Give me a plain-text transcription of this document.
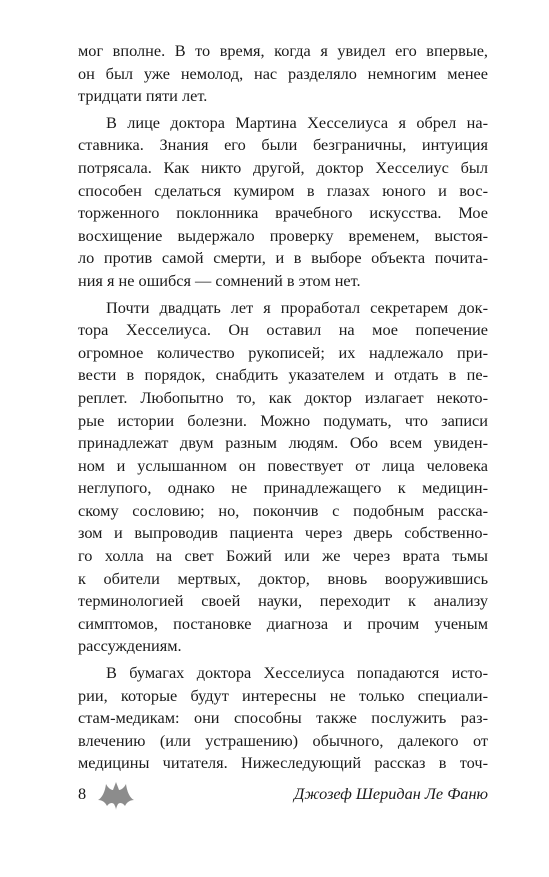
мог вполне. В то время, когда я увидел его впервые,
он был уже немолод, нас разделяло немногим менее
тридцати пяти лет.
В лице доктора Мартина Хесселиуса я обрел на-
ставника. Знания его были безграничны, интуиция
потрясала. Как никто другой, доктор Хесселиус был
способен сделаться кумиром в глазах юного и вос-
торженного поклонника врачебного искусства. Мое
восхищение выдержало проверку временем, выстоя-
ло против самой смерти, и в выборе объекта почита-
ния я не ошибся — сомнений в этом нет.
Почти двадцать лет я проработал секретарем док-
тора Хесселиуса. Он оставил на мое попечение
огромное количество рукописей; их надлежало при-
вести в порядок, снабдить указателем и отдать в пе-
реплет. Любопытно то, как доктор излагает некото-
рые истории болезни. Можно подумать, что записи
принадлежат двум разным людям. Обо всем увиден-
ном и услышанном он повествует от лица человека
неглупого, однако не принадлежащего к медицин-
скому сословию; но, покончив с подобным расска-
зом и выпроводив пациента через дверь собственно-
го холла на свет Божий или же через врата тьмы
к обители мертвых, доктор, вновь вооружившись
терминологией своей науки, переходит к анализу
симптомов, постановке диагноза и прочим ученым
рассуждениям.
В бумагах доктора Хесселиуса попадаются исто-
рии, которые будут интересны не только специали-
стам-медикам: они способны также послужить раз-
влечению (или устрашению) обычного, далекого от
медицины читателя. Нижеследующий рассказ в точ-
8	Джозеф Шеридан Ле Фаню
